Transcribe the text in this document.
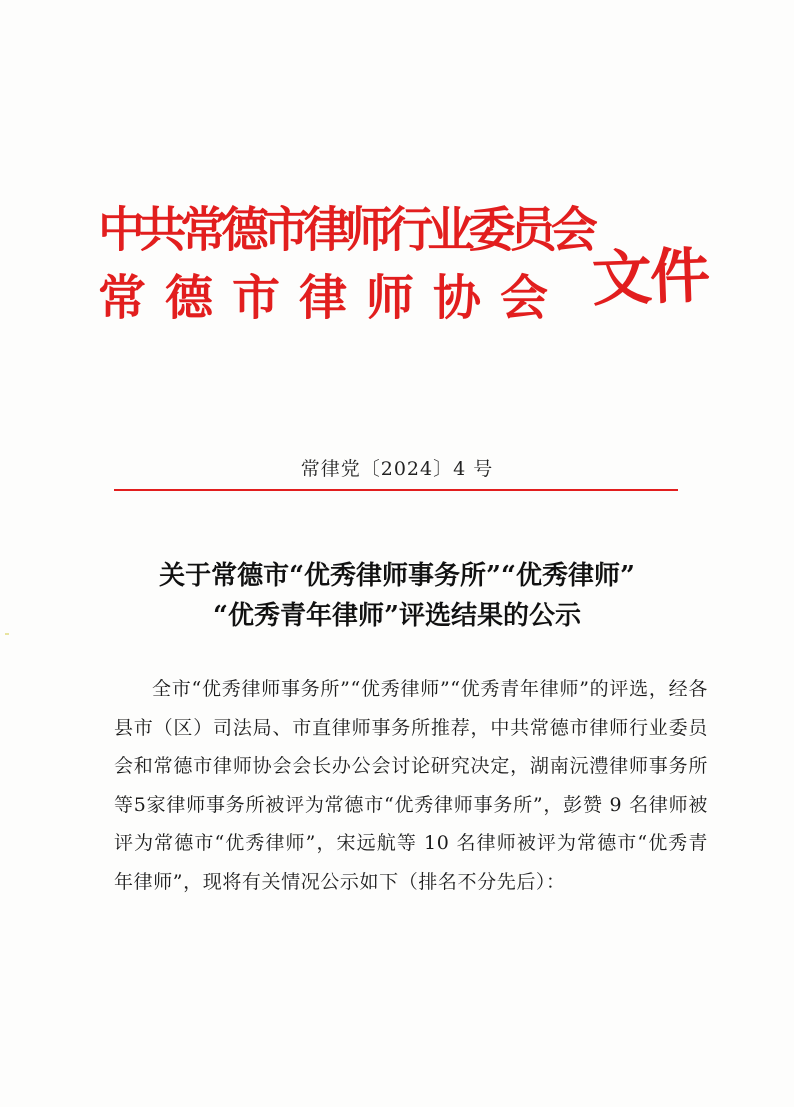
中共常德市律师行业委员会
常德市律师协会 文件
常律党〔2024〕4 号
关于常德市“优秀律师事务所”“优秀律师”
“优秀青年律师”评选结果的公示
全市“优秀律师事务所”“优秀律师”“优秀青年律师”的评选，经各县市（区）司法局、市直律师事务所推荐，中共常德市律师行业委员会和常德市律师协会会长办公会讨论研究决定，湖南沅澧律师事务所等5家律师事务所被评为常德市“优秀律师事务所”，彭赞 9 名律师被评为常德市“优秀律师”，宋远航等 10 名律师被评为常德市“优秀青年律师”，现将有关情况公示如下（排名不分先后）：
